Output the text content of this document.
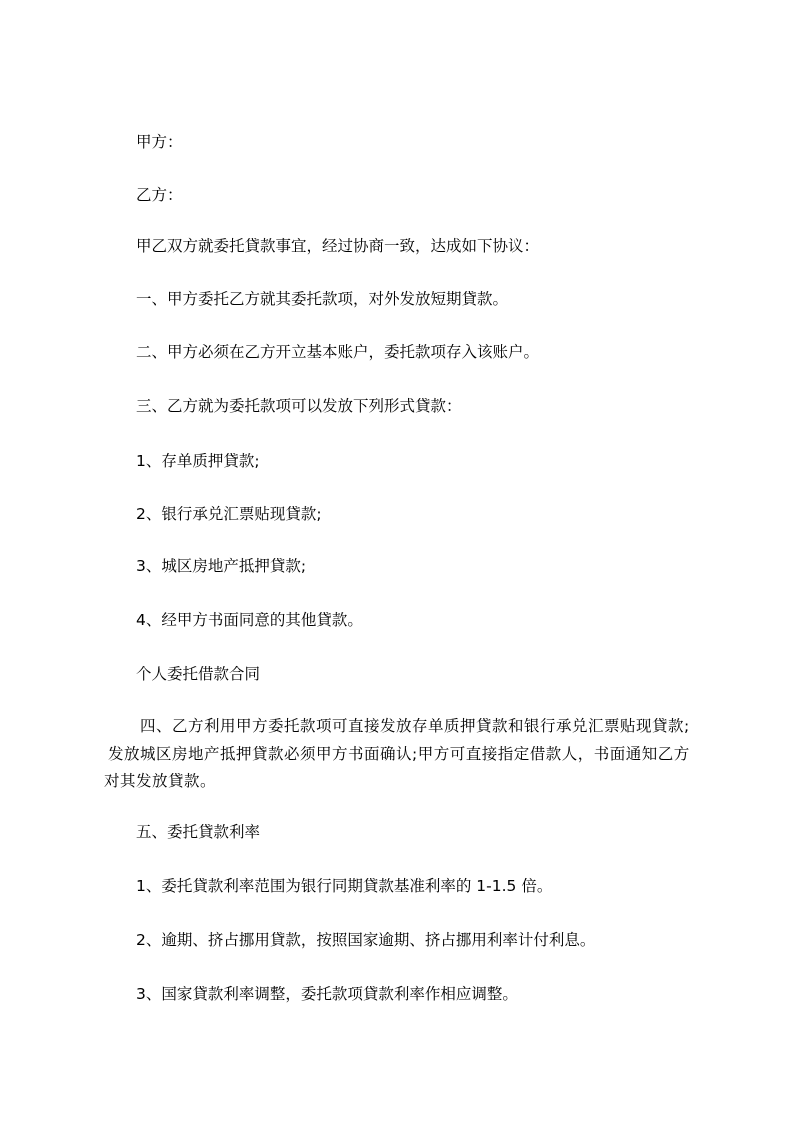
甲方：
乙方：
甲乙双方就委托貸款事宜，经过协商一致，达成如下协议：
一、甲方委托乙方就其委托款项，对外发放短期貸款。
二、甲方必须在乙方开立基本账户，委托款项存入该账户。
三、乙方就为委托款项可以发放下列形式貸款：
1、存单质押貸款;
2、银行承兑汇票贴现貸款;
3、城区房地产抵押貸款;
4、经甲方书面同意的其他貸款。
个人委托借款合同
四、乙方利用甲方委托款项可直接发放存单质押貸款和银行承兑汇票贴现貸款;
发放城区房地产抵押貸款必须甲方书面确认;甲方可直接指定借款人，书面通知乙方
对其发放貸款。
五、委托貸款利率
1、委托貸款利率范围为银行同期貸款基准利率的 1-1.5 倍。
2、逾期、挤占挪用貸款，按照国家逾期、挤占挪用利率计付利息。
3、国家貸款利率调整，委托款项貸款利率作相应调整。
